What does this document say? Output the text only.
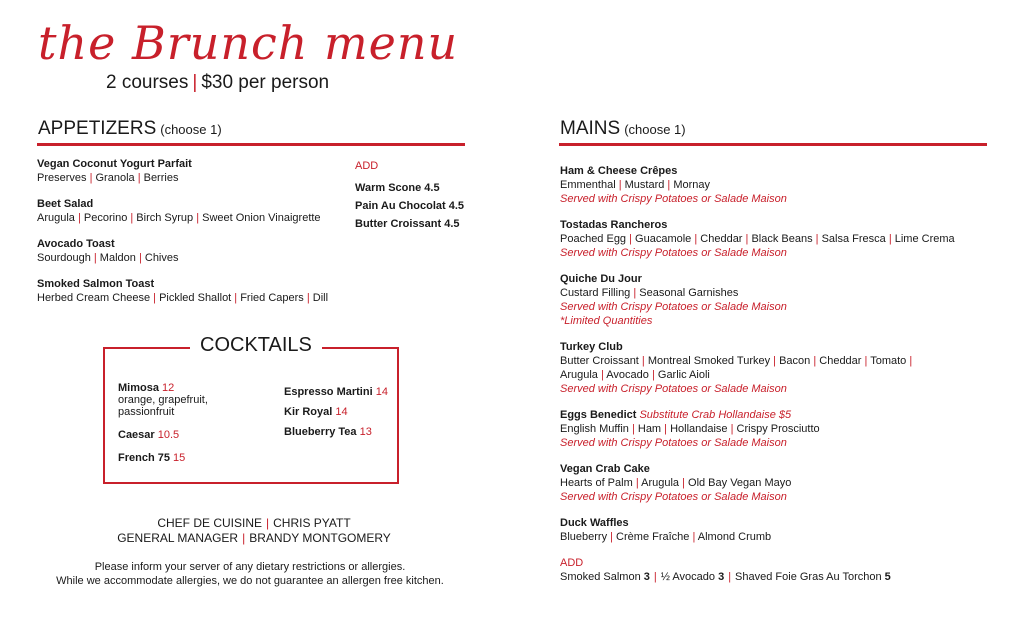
the Brunch menu
2 courses | $30 per person
APPETIZERS (choose 1)
Vegan Coconut Yogurt Parfait
Preserves | Granola | Berries
Beet Salad
Arugula | Pecorino | Birch Syrup | Sweet Onion Vinaigrette
Avocado Toast
Sourdough | Maldon | Chives
Smoked Salmon Toast
Herbed Cream Cheese | Pickled Shallot | Fried Capers | Dill
ADD
Warm Scone 4.5
Pain Au Chocolat 4.5
Butter Croissant 4.5
COCKTAILS
Mimosa 12
orange, grapefruit, passionfruit
Caesar 10.5
French 75 15
Espresso Martini 14
Kir Royal 14
Blueberry Tea 13
CHEF DE CUISINE | CHRIS PYATT
GENERAL MANAGER | BRANDY MONTGOMERY
Please inform your server of any dietary restrictions or allergies.
While we accommodate allergies, we do not guarantee an allergen free kitchen.
MAINS (choose 1)
Ham & Cheese Crêpes
Emmenthal | Mustard | Mornay
Served with Crispy Potatoes or Salade Maison
Tostadas Rancheros
Poached Egg | Guacamole | Cheddar | Black Beans | Salsa Fresca | Lime Crema
Served with Crispy Potatoes or Salade Maison
Quiche Du Jour
Custard Filling | Seasonal Garnishes
Served with Crispy Potatoes or Salade Maison
*Limited Quantities
Turkey Club
Butter Croissant | Montreal Smoked Turkey | Bacon | Cheddar | Tomato |
Arugula | Avocado | Garlic Aioli
Served with Crispy Potatoes or Salade Maison
Eggs Benedict Substitute Crab Hollandaise $5
English Muffin | Ham | Hollandaise | Crispy Prosciutto
Served with Crispy Potatoes or Salade Maison
Vegan Crab Cake
Hearts of Palm | Arugula | Old Bay Vegan Mayo
Served with Crispy Potatoes or Salade Maison
Duck Waffles
Blueberry | Crème Fraîche | Almond Crumb
ADD
Smoked Salmon 3 | ½ Avocado 3 | Shaved Foie Gras Au Torchon 5
